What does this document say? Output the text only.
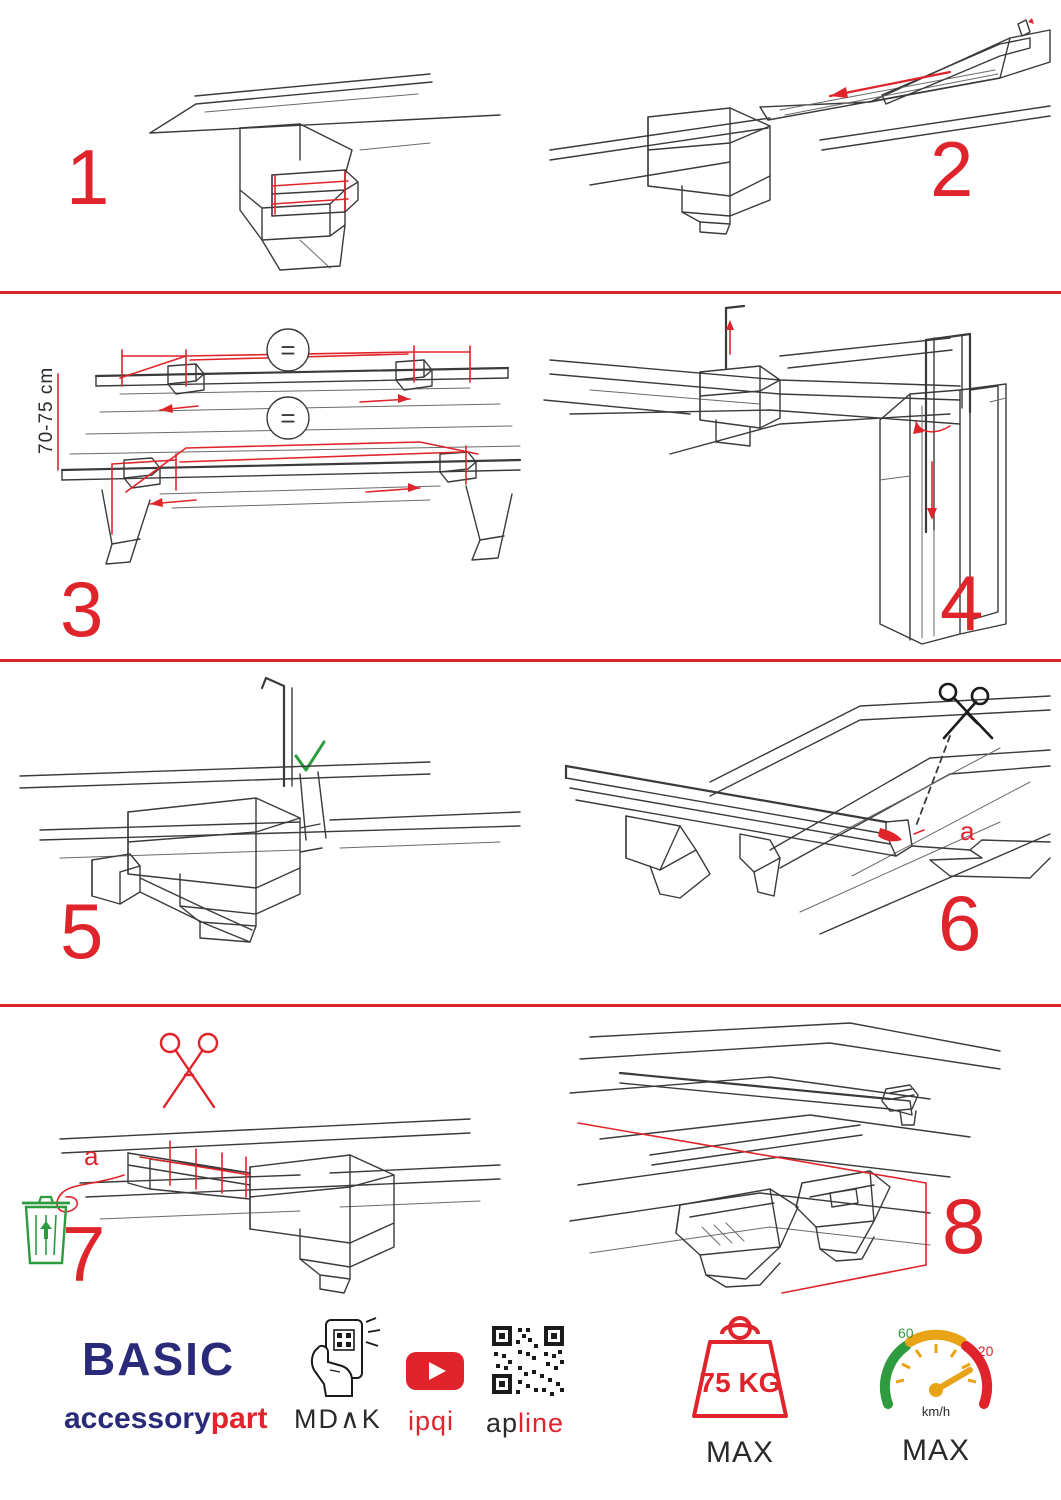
1	2
=
=
70-75 cm
3	4
5
a
6
a
7	8
BASIC
accessorypart MD∧K ipqi	apline
75 KG
MAX
60
120
km/h
MAX
